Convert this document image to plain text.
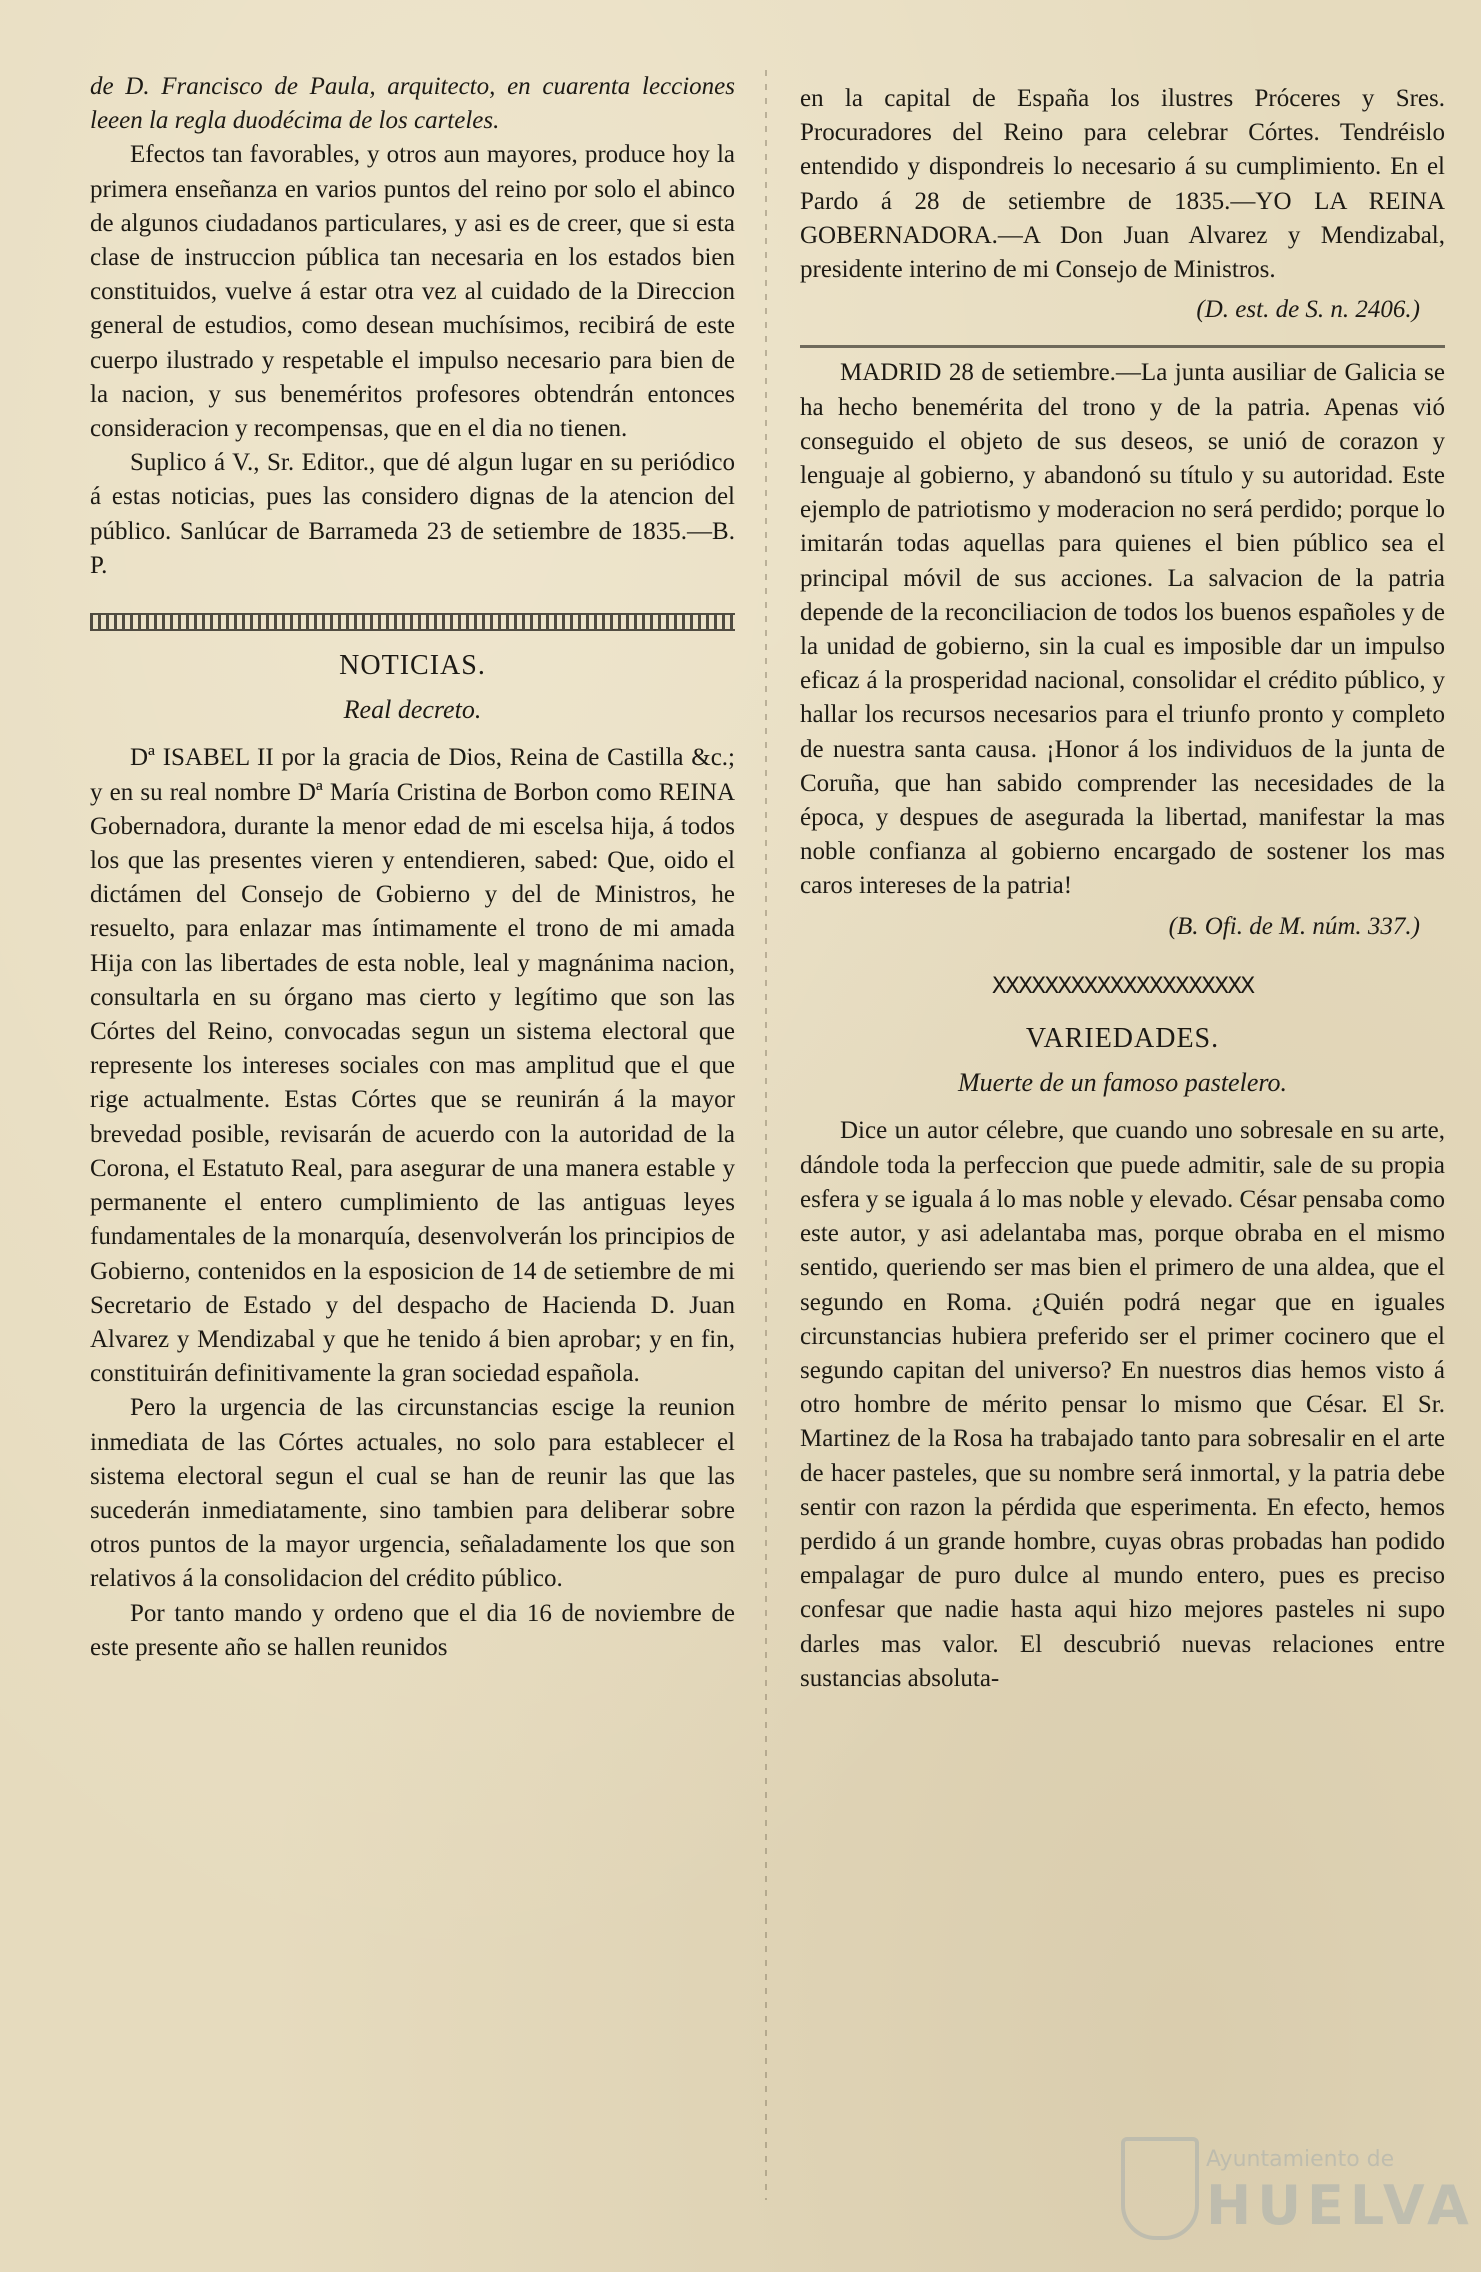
de D. Francisco de Paula, arquitecto, en cuarenta lecciones leeen la regla duodécima de los carteles.

Efectos tan favorables, y otros aun mayores, produce hoy la primera enseñanza en varios puntos del reino por solo el abinco de algunos ciudadanos particulares, y asi es de creer, que si esta clase de instruccion pública tan necesaria en los estados bien constituidos, vuelve á estar otra vez al cuidado de la Direccion general de estudios, como desean muchísimos, recibirá de este cuerpo ilustrado y respetable el impulso necesario para bien de la nacion, y sus beneméritos profesores obtendrán entonces consideracion y recompensas, que en el dia no tienen.

Suplico á V., Sr. Editor., que dé algun lugar en su periódico á estas noticias, pues las considero dignas de la atencion del público. Sanlúcar de Barrameda 23 de setiembre de 1835.—B. P.

NOTICIAS.
Real decreto.

Dª ISABEL II por la gracia de Dios, Reina de Castilla &c.; y en su real nombre Dª María Cristina de Borbon como REINA Gobernadora, durante la menor edad de mi escelsa hija, á todos los que las presentes vieren y entendieren, sabed: Que, oido el dictámen del Consejo de Gobierno y del de Ministros, he resuelto, para enlazar mas íntimamente el trono de mi amada Hija con las libertades de esta noble, leal y magnánima nacion, consultarla en su órgano mas cierto y legítimo que son las Córtes del Reino, convocadas segun un sistema electoral que represente los intereses sociales con mas amplitud que el que rige actualmente. Estas Córtes que se reunirán á la mayor brevedad posible, revisarán de acuerdo con la autoridad de la Corona, el Estatuto Real, para asegurar de una manera estable y permanente el entero cumplimiento de las antiguas leyes fundamentales de la monarquía, desenvolverán los principios de Gobierno, contenidos en la esposicion de 14 de setiembre de mi Secretario de Estado y del despacho de Hacienda D. Juan Alvarez y Mendizabal y que he tenido á bien aprobar; y en fin, constituirán definitivamente la gran sociedad española.

Pero la urgencia de las circunstancias escige la reunion inmediata de las Córtes actuales, no solo para establecer el sistema electoral segun el cual se han de reunir las que las sucederán inmediatamente, sino tambien para deliberar sobre otros puntos de la mayor urgencia, señaladamente los que son relativos á la consolidacion del crédito público.

Por tanto mando y ordeno que el dia 16 de noviembre de este presente año se hallen reunidos

en la capital de España los ilustres Próceres y Sres. Procuradores del Reino para celebrar Córtes. Tendréislo entendido y dispondreis lo necesario á su cumplimiento. En el Pardo á 28 de setiembre de 1835.—YO LA REINA GOBERNADORA.—A Don Juan Alvarez y Mendizabal, presidente interino de mi Consejo de Ministros.

(D. est. de S. n. 2406.)

MADRID 28 de setiembre.—La junta ausiliar de Galicia se ha hecho benemérita del trono y de la patria. Apenas vió conseguido el objeto de sus deseos, se unió de corazon y lenguaje al gobierno, y abandonó su título y su autoridad. Este ejemplo de patriotismo y moderacion no será perdido; porque lo imitarán todas aquellas para quienes el bien público sea el principal móvil de sus acciones. La salvacion de la patria depende de la reconciliacion de todos los buenos españoles y de la unidad de gobierno, sin la cual es imposible dar un impulso eficaz á la prosperidad nacional, consolidar el crédito público, y hallar los recursos necesarios para el triunfo pronto y completo de nuestra santa causa. ¡Honor á los individuos de la junta de Coruña, que han sabido comprender las necesidades de la época, y despues de asegurada la libertad, manifestar la mas noble confianza al gobierno encargado de sostener los mas caros intereses de la patria!

(B. Ofi. de M. núm. 337.)
XXXXXXXXXXXXXXXXXXXX
VARIEDADES.
Muerte de un famoso pastelero.

Dice un autor célebre, que cuando uno sobresale en su arte, dándole toda la perfeccion que puede admitir, sale de su propia esfera y se iguala á lo mas noble y elevado. César pensaba como este autor, y asi adelantaba mas, porque obraba en el mismo sentido, queriendo ser mas bien el primero de una aldea, que el segundo en Roma. ¿Quién podrá negar que en iguales circunstancias hubiera preferido ser el primer cocinero que el segundo capitan del universo? En nuestros dias hemos visto á otro hombre de mérito pensar lo mismo que César. El Sr. Martinez de la Rosa ha trabajado tanto para sobresalir en el arte de hacer pasteles, que su nombre será inmortal, y la patria debe sentir con razon la pérdida que esperimenta. En efecto, hemos perdido á un grande hombre, cuyas obras probadas han podido empalagar de puro dulce al mundo entero, pues es preciso confesar que nadie hasta aqui hizo mejores pasteles ni supo darles mas valor. El descubrió nuevas relaciones entre sustancias absoluta-

Ayuntamiento de
HUELVA
